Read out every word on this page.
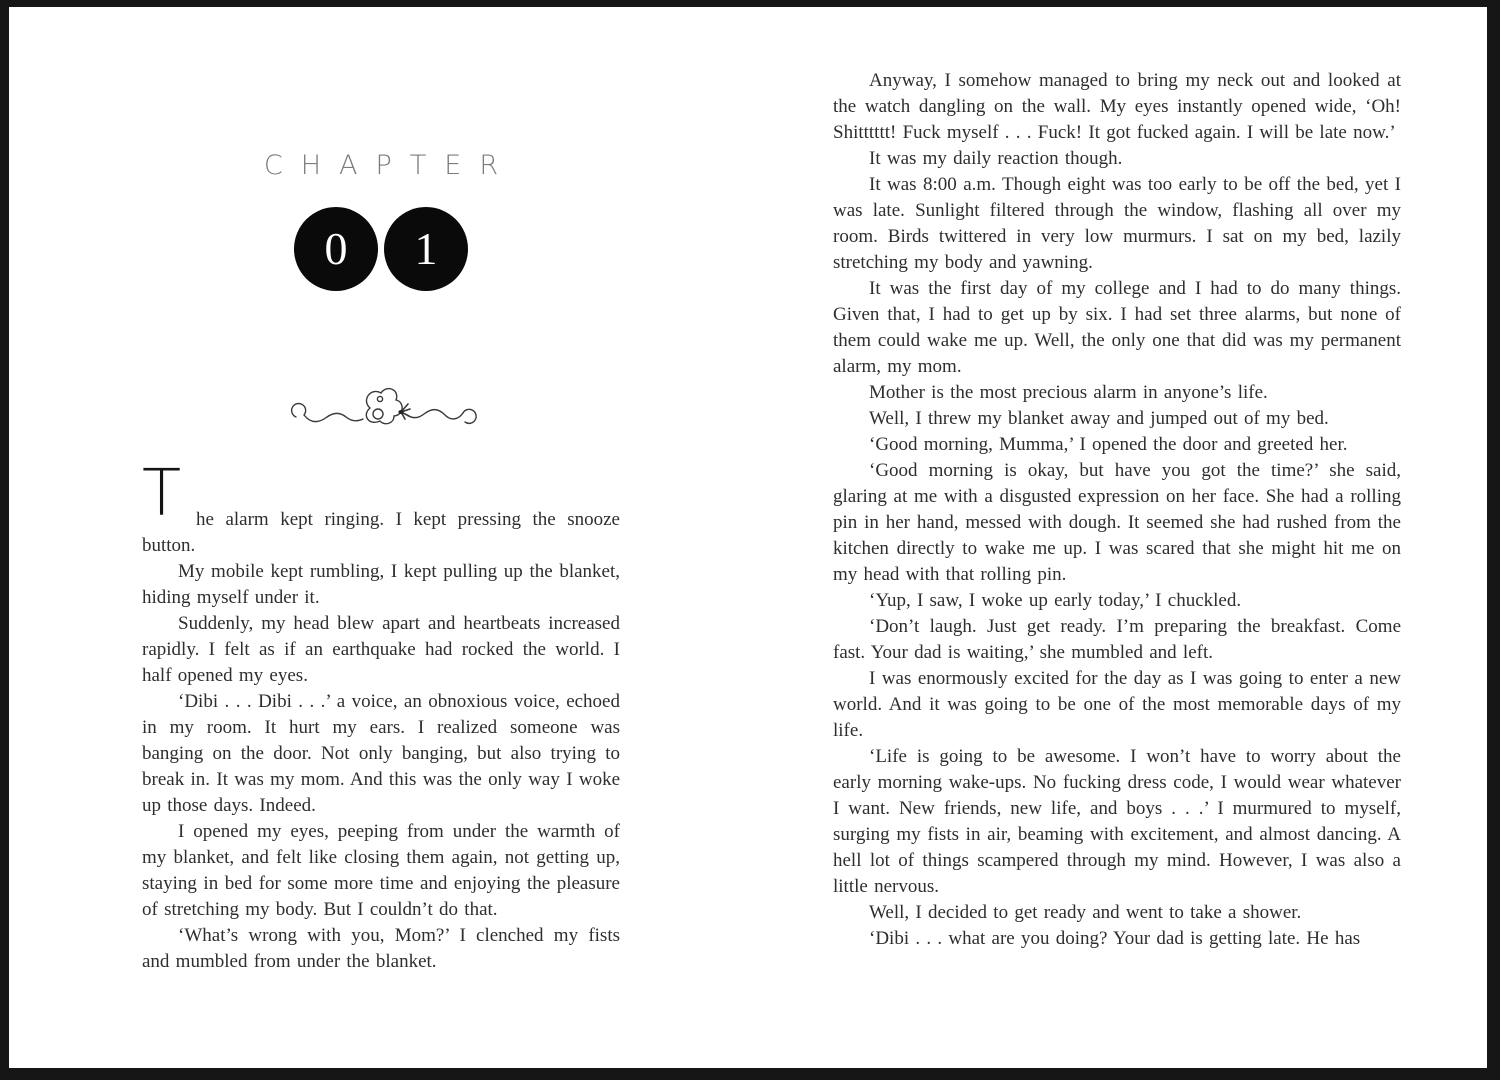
CHAPTER
0 1
T he alarm kept ringing. I kept pressing the snooze button.

My mobile kept rumbling, I kept pulling up the blanket, hiding myself under it.

Suddenly, my head blew apart and heartbeats increased rapidly. I felt as if an earthquake had rocked the world. I half opened my eyes.

‘Dibi . . . Dibi . . .’ a voice, an obnoxious voice, echoed in my room. It hurt my ears. I realized someone was banging on the door. Not only banging, but also trying to break in. It was my mom. And this was the only way I woke up those days. Indeed.

I opened my eyes, peeping from under the warmth of my blanket, and felt like closing them again, not getting up, staying in bed for some more time and enjoying the pleasure of stretching my body. But I couldn’t do that.

‘What’s wrong with you, Mom?’ I clenched my fists and mumbled from under the blanket.

Anyway, I somehow managed to bring my neck out and looked at the watch dangling on the wall. My eyes instantly opened wide, ‘Oh! Shitttttt! Fuck myself . . . Fuck! It got fucked again. I will be late now.’

It was my daily reaction though.

It was 8:00 a.m. Though eight was too early to be off the bed, yet I was late. Sunlight filtered through the window, flashing all over my room. Birds twittered in very low murmurs. I sat on my bed, lazily stretching my body and yawning.

It was the first day of my college and I had to do many things. Given that, I had to get up by six. I had set three alarms, but none of them could wake me up. Well, the only one that did was my permanent alarm, my mom.

Mother is the most precious alarm in anyone’s life.

Well, I threw my blanket away and jumped out of my bed.

‘Good morning, Mumma,’ I opened the door and greeted her.

‘Good morning is okay, but have you got the time?’ she said, glaring at me with a disgusted expression on her face. She had a rolling pin in her hand, messed with dough. It seemed she had rushed from the kitchen directly to wake me up. I was scared that she might hit me on my head with that rolling pin.

‘Yup, I saw, I woke up early today,’ I chuckled.

‘Don’t laugh. Just get ready. I’m preparing the breakfast. Come fast. Your dad is waiting,’ she mumbled and left.

I was enormously excited for the day as I was going to enter a new world. And it was going to be one of the most memorable days of my life.

‘Life is going to be awesome. I won’t have to worry about the early morning wake-ups. No fucking dress code, I would wear whatever I want. New friends, new life, and boys . . .’ I murmured to myself, surging my fists in air, beaming with excitement, and almost dancing. A hell lot of things scampered through my mind. However, I was also a little nervous.

Well, I decided to get ready and went to take a shower.

‘Dibi . . . what are you doing? Your dad is getting late. He has
